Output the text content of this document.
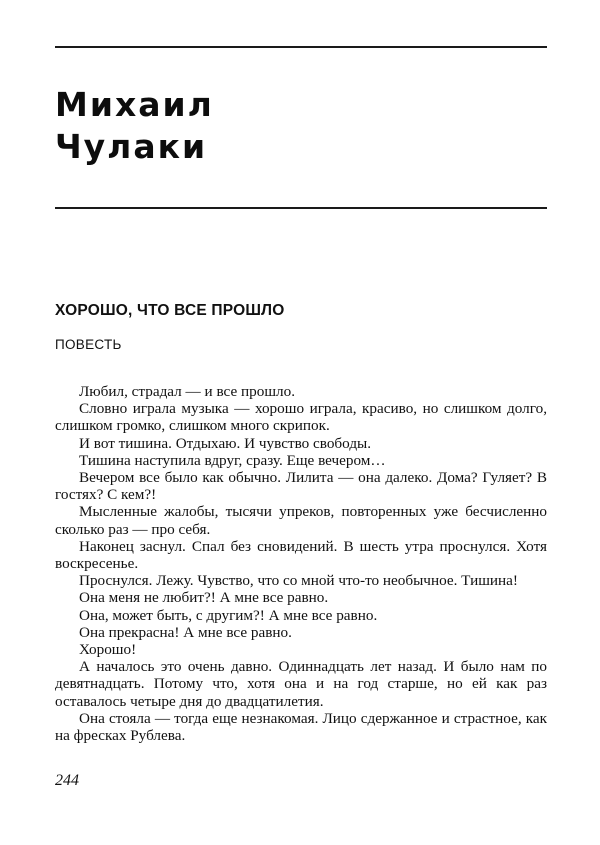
Михаил
Чулаки
ХОРОШО, ЧТО ВСЕ ПРОШЛО

ПОВЕСТЬ

Любил, страдал — и все прошло.

Словно играла музыка — хорошо играла, красиво, но слишком долго, слишком громко, слишком много скрипок.

И вот тишина. Отдыхаю. И чувство свободы.

Тишина наступила вдруг, сразу. Еще вечером…

Вечером все было как обычно. Лилита — она далеко. Дома? Гуляет? В гостях? С кем?!

Мысленные жалобы, тысячи упреков, повторенных уже бесчисленно сколько раз — про себя.

Наконец заснул. Спал без сновидений. В шесть утра проснулся. Хотя воскресенье.

Проснулся. Лежу. Чувство, что со мной что-то необычное. Тишина!

Она меня не любит?! А мне все равно.

Она, может быть, с другим?! А мне все равно.

Она прекрасна! А мне все равно.

Хорошо!

А началось это очень давно. Одиннадцать лет назад. И было нам по девятнадцать. Потому что, хотя она и на год старше, но ей как раз оставалось четыре дня до двадцатилетия.

Она стояла — тогда еще незнакомая. Лицо сдержанное и страстное, как на фресках Рублева.

244
